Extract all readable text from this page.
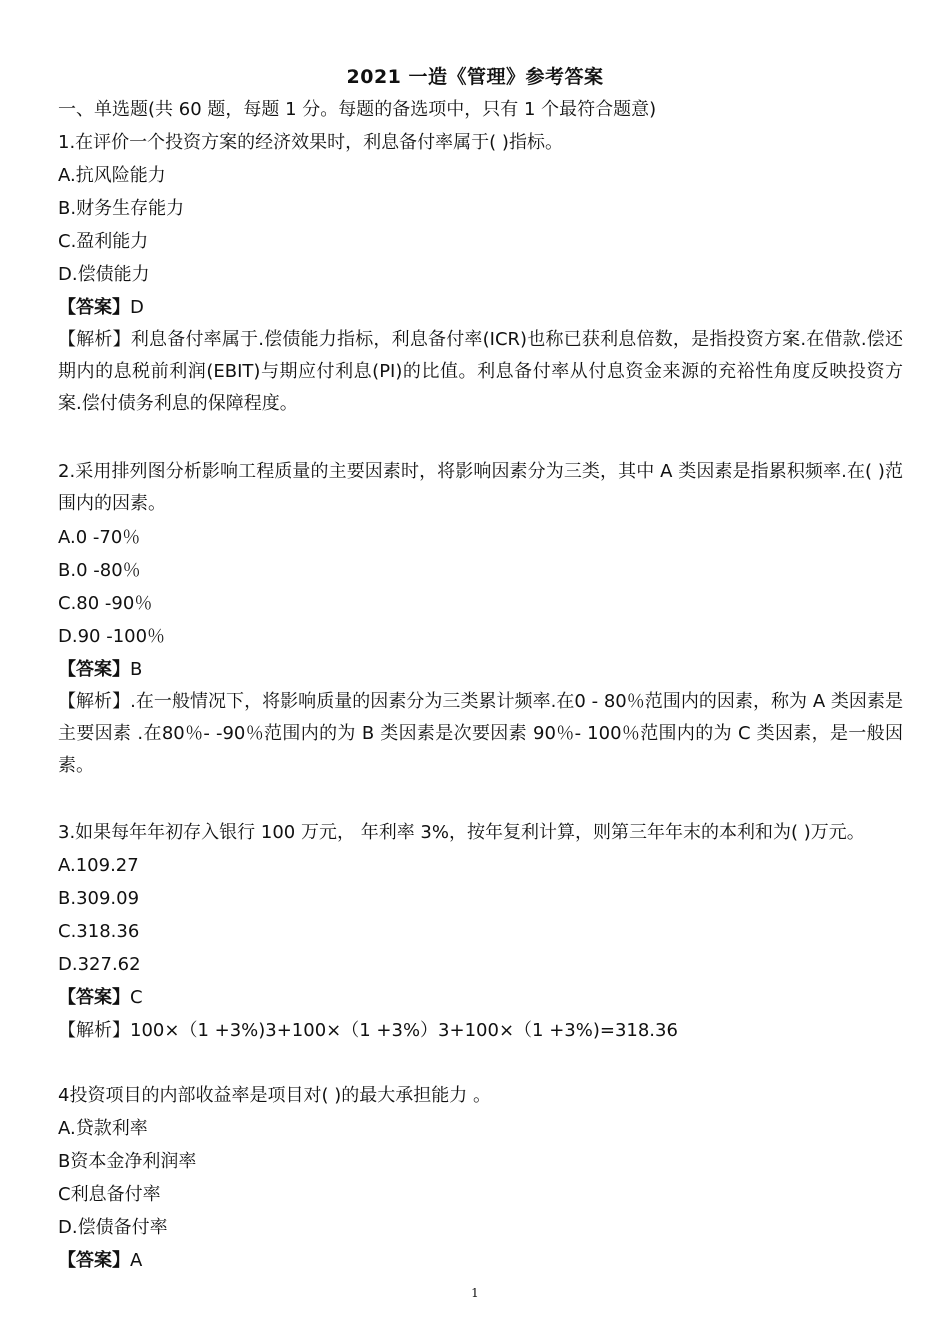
2021 一造《管理》参考答案
一、单选题(共 60 题，每题 1 分。每题的备选项中，只有 1 个最符合题意)
1.在评价一个投资方案的经济效果时，利息备付率属于( )指标。
A.抗风险能力
B.财务生存能力
C.盈利能力
D.偿债能力
【答案】D
【解析】利息备付率属于.偿债能力指标，利息备付率(ICR)也称已获利息倍数，是指投资方案.在借款.偿还期内的息税前利润(EBIT)与期应付利息(PI)的比值。利息备付率从付息资金来源的充裕性角度反映投资方案.偿付债务利息的保障程度。
2.采用排列图分析影响工程质量的主要因素时，将影响因素分为三类，其中 A 类因素是指累积频率.在( )范围内的因素。
A.0 -70％
B.0 -80％
C.80 -90％
D.90 -100％
【答案】B
【解析】.在一般情况下，将影响质量的因素分为三类累计频率.在0 - 80％范围内的因素，称为 A 类因素是主要因素 .在80％- -90％范围内的为 B 类因素是次要因素 90％- 100％范围内的为 C 类因素，是一般因素。
3.如果每年年初存入银行 100 万元， 年利率 3%，按年复利计算，则第三年年末的本利和为( )万元。
A.109.27
B.309.09
C.318.36
D.327.62
【答案】C
【解析】100×（1 +3%)3+100×（1 +3%）3+100×（1 +3%)=318.36
4投资项目的内部收益率是项目对( )的最大承担能力 。
A.贷款利率
B资本金净利润率
C利息备付率
D.偿债备付率
【答案】A
1
